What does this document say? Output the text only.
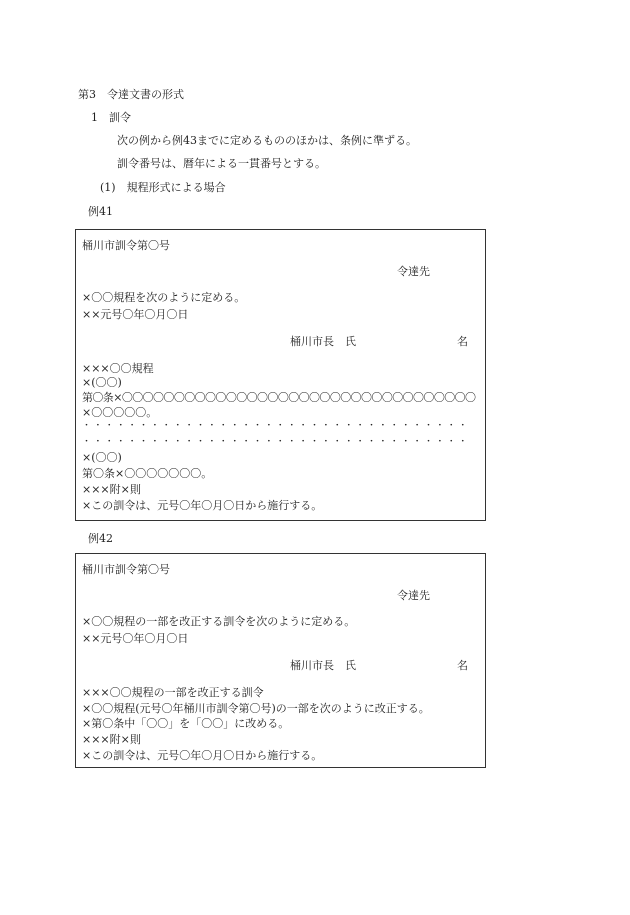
第3　令達文書の形式

1　訓令

次の例から例43までに定めるもののほかは、条例に準ずる。

訓令番号は、暦年による一貫番号とする。

(1)　規程形式による場合

例41

桶川市訓令第〇号

令達先

×〇〇規程を次のように定める。

××元号〇年〇月〇日

桶川市長　氏	名

×××〇〇規程

×(〇〇)

第〇条×〇〇〇〇〇〇〇〇〇〇〇〇〇〇〇〇〇〇〇〇〇〇〇〇〇〇〇〇〇〇〇〇〇〇

×〇〇〇〇〇。

・・・・・・・・・・・・・・・・・・・・・・・・・・・・・・・・・・

・・・・・・・・・・・・・・・・・・・・・・・・・・・・・・・・・・

×(〇〇)

第〇条×〇〇〇〇〇〇〇。

×××附×則

×この訓令は、元号〇年〇月〇日から施行する。

例42

桶川市訓令第〇号

令達先

×〇〇規程の一部を改正する訓令を次のように定める。

××元号〇年〇月〇日

桶川市長　氏	名

×××〇〇規程の一部を改正する訓令

×〇〇規程(元号〇年桶川市訓令第〇号)の一部を次のように改正する。

×第〇条中「〇〇」を「〇〇」に改める。

×××附×則

×この訓令は、元号〇年〇月〇日から施行する。
